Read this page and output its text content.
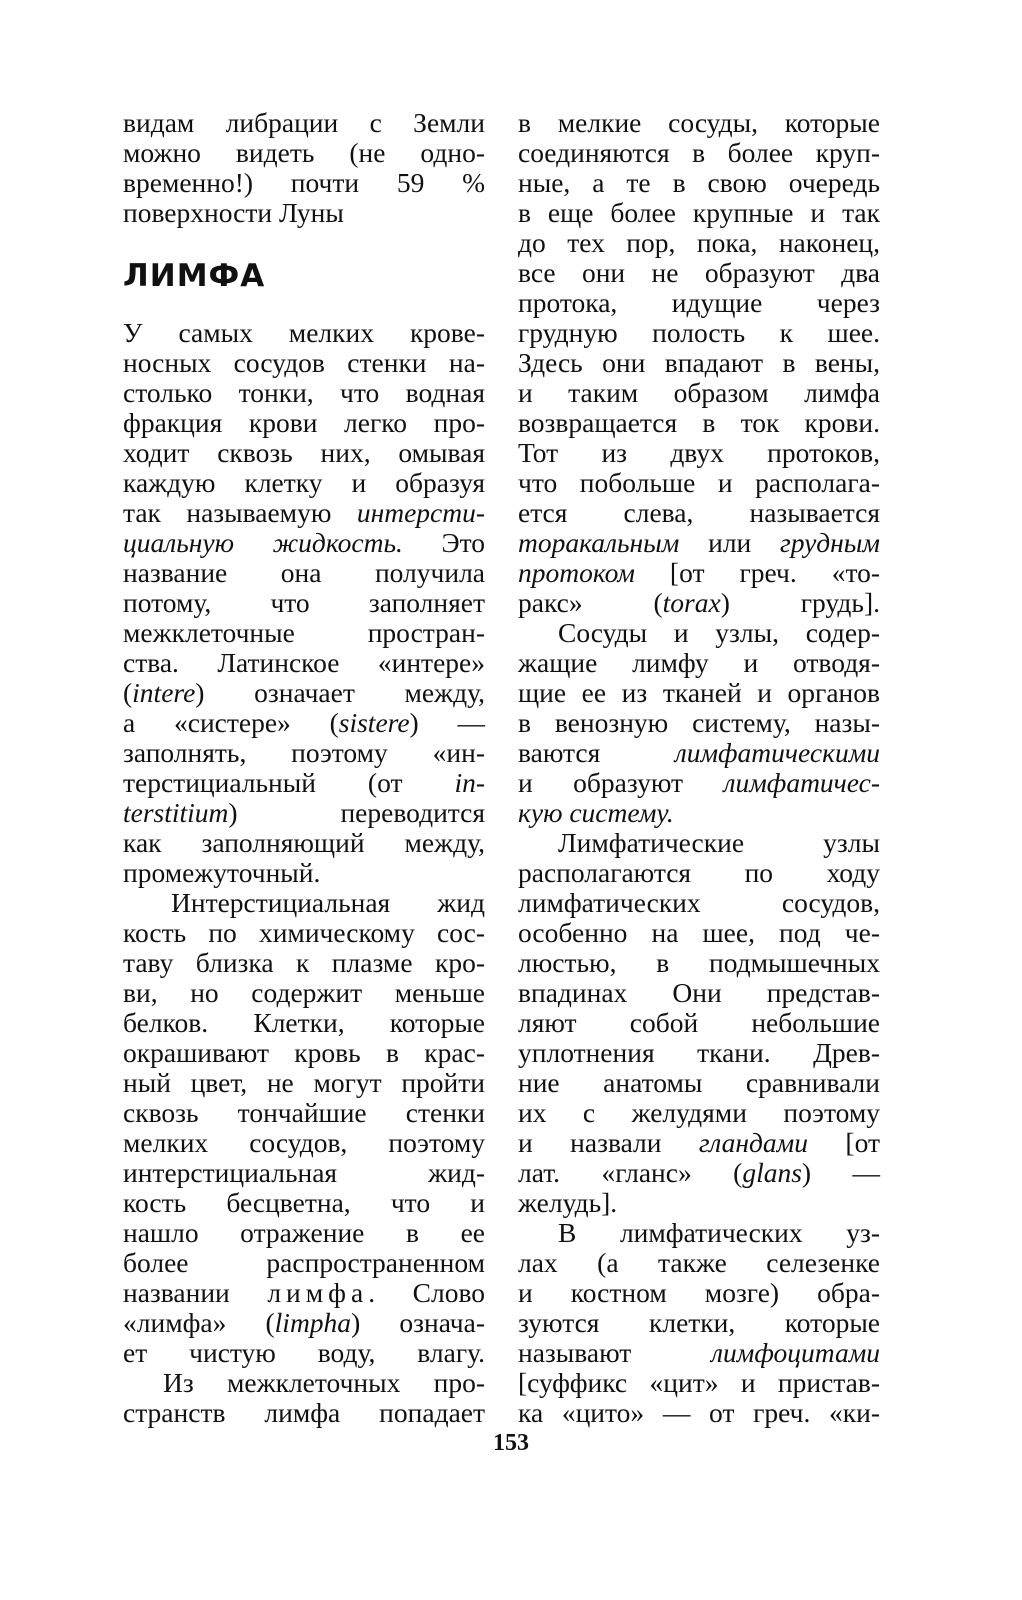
видам либрации с Земли
можно видеть (не одно-
временно!) почти 59 %
поверхности Луны
ЛИМФА
У самых мелких крове-
носных сосудов стенки на-
столько тонки, что водная
фракция крови легко про-
ходит сквозь них, омывая
каждую клетку и образуя
так называемую интерсти-
циальную жидкость. Это
название она получила
потому, что заполняет
межклеточные простран-
ства. Латинское «интере»
(intere) означает между,
а «систере» (sistere) —
заполнять, поэтому «ин-
терстициальный (от in-
terstitium) переводится
как заполняющий между,
промежуточный.
Интерстициальная жид
кость по химическому сос-
таву близка к плазме кро-
ви, но содержит меньше
белков. Клетки, которые
окрашивают кровь в крас-
ный цвет, не могут пройти
сквозь тончайшие стенки
мелких сосудов, поэтому
интерстициальная жид-
кость бесцветна, что и
нашло отражение в ее
более распространенном
названии лимфа. Слово
«лимфа» (limpha) означа-
ет чистую воду, влагу.
Из межклеточных про-
странств лимфа попадает
в мелкие сосуды, которые
соединяются в более круп-
ные, а те в свою очередь
в еще более крупные и так
до тех пор, пока, наконец,
все они не образуют два
протока, идущие через
грудную полость к шее.
Здесь они впадают в вены,
и таким образом лимфа
возвращается в ток крови.
Тот из двух протоков,
что побольше и располага-
ется слева, называется
торакальным или грудным
протоком [от греч. «то-
ракс» (torax) грудь].
Сосуды и узлы, содер-
жащие лимфу и отводя-
щие ее из тканей и органов
в венозную систему, назы-
ваются	лимфатическими
и образуют лимфатичес-
кую систему.
Лимфатические узлы
располагаются по ходу
лимфатических сосудов,
особенно на шее, под че-
люстью, в подмышечных
впадинах Они представ-
ляют собой небольшие
уплотнения ткани. Древ-
ние анатомы сравнивали
их с желудями поэтому
и назвали гландами [от
лат. «гланс» (glans) —
желудь].
В лимфатических уз-
лах (а также селезенке
и костном мозге) обра-
зуются клетки, которые
называют	лимфоцитами
[суффикс «цит» и пристав-
ка «цито» — от греч. «ки-
153
